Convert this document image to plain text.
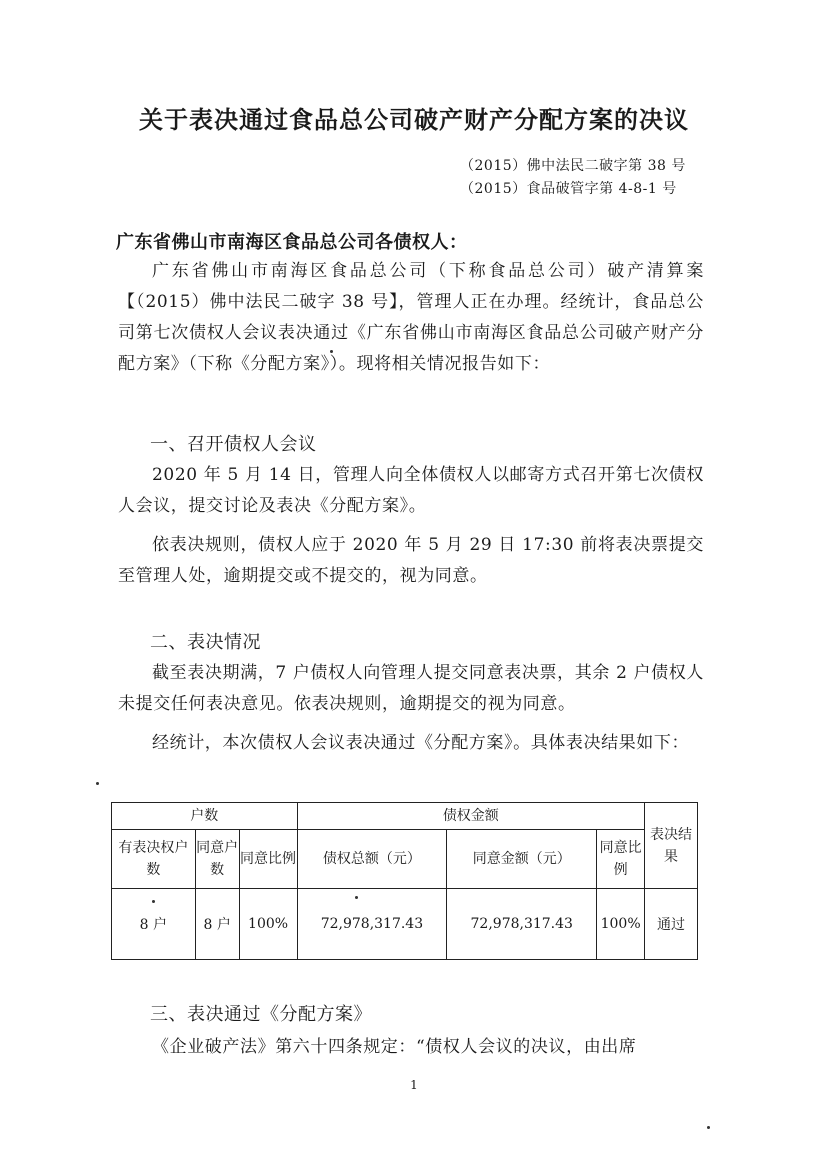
关于表决通过食品总公司破产财产分配方案的决议
（2015）佛中法民二破字第 38 号
（2015）食品破管字第 4-8-1 号
广东省佛山市南海区食品总公司各债权人：
广东省佛山市南海区食品总公司（下称食品总公司）破产清算案【（2015）佛中法民二破字 38 号】，管理人正在办理。经统计，食品总公司第七次债权人会议表决通过《广东省佛山市南海区食品总公司破产财产分配方案》（下称《分配方案》）。现将相关情况报告如下：
一、召开债权人会议
2020 年 5 月 14 日，管理人向全体债权人以邮寄方式召开第七次债权人会议，提交讨论及表决《分配方案》。
依表决规则，债权人应于 2020 年 5 月 29 日 17:30 前将表决票提交至管理人处，逾期提交或不提交的，视为同意。
二、表决情况
截至表决期满，7 户债权人向管理人提交同意表决票，其余 2 户债权人未提交任何表决意见。依表决规则，逾期提交的视为同意。
经统计，本次债权人会议表决通过《分配方案》。具体表决结果如下：
户数			债权金额			表决结果
有表决权户数	同意户数	同意比例	债权总额（元）	同意金额（元）	同意比例	
8 户	8 户	100%	72,978,317.43	72,978,317.43	100%	通过
三、表决通过《分配方案》
《企业破产法》第六十四条规定：“债权人会议的决议，由出席
1
